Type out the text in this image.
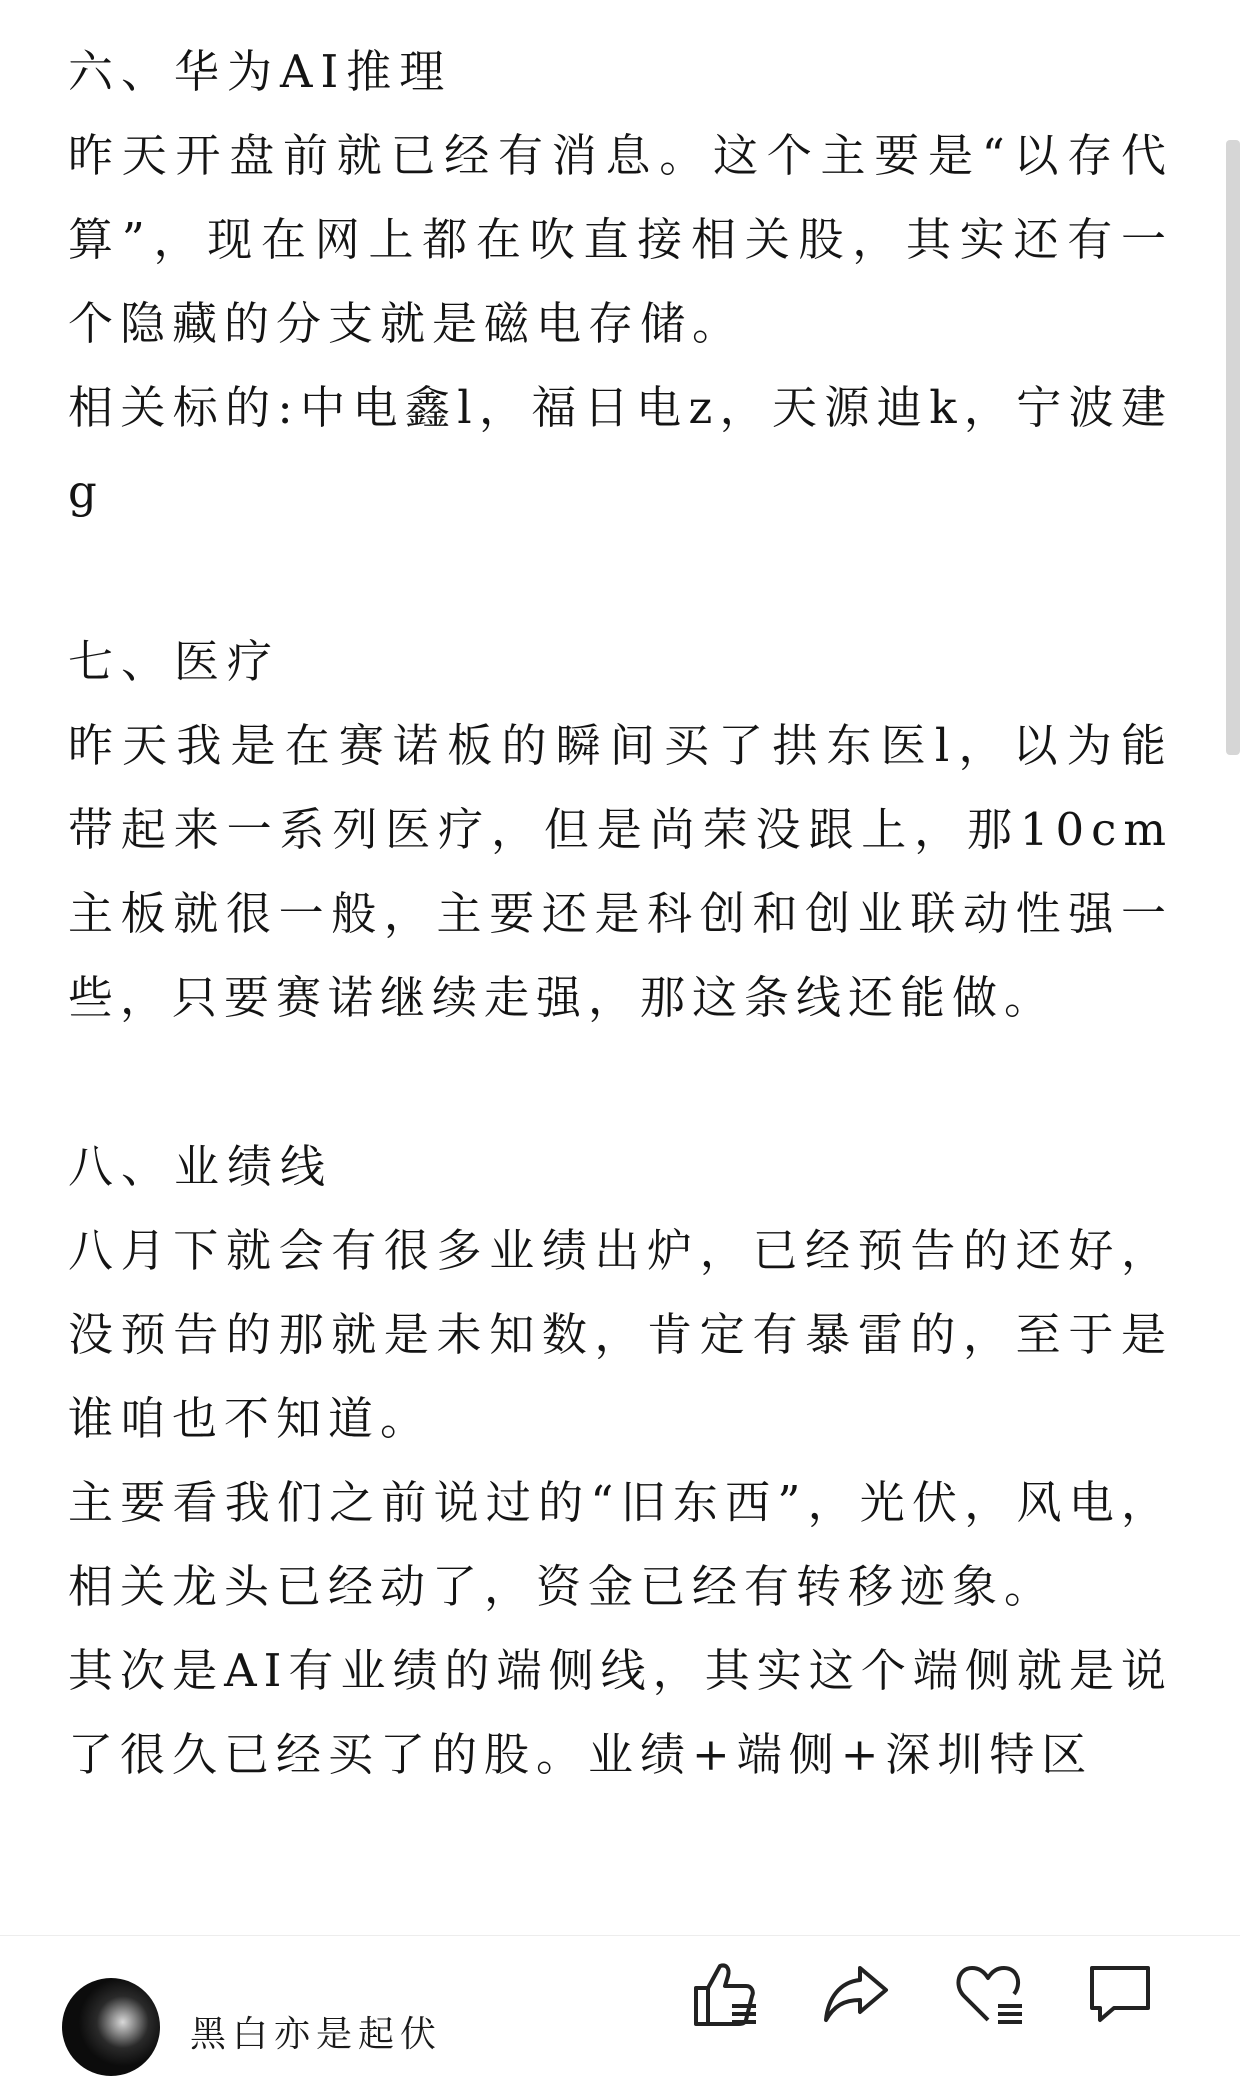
六、华为AI推理
昨天开盘前就已经有消息。这个主要是“以存代算”，现在网上都在吹直接相关股，其实还有一个隐藏的分支就是磁电存储。
相关标的:中电鑫l，福日电z，天源迪k，宁波建g
七、医疗
昨天我是在赛诺板的瞬间买了拱东医l，以为能带起来一系列医疗，但是尚荣没跟上，那10cm主板就很一般，主要还是科创和创业联动性强一些，只要赛诺继续走强，那这条线还能做。
八、业绩线
八月下就会有很多业绩出炉，已经预告的还好，没预告的那就是未知数，肯定有暴雷的，至于是谁咱也不知道。
主要看我们之前说过的“旧东西”，光伏，风电，相关龙头已经动了，资金已经有转移迹象。
其次是AI有业绩的端侧线，其实这个端侧就是说了很久已经买了的股。业绩+端侧+深圳特区
黑白亦是起伏
